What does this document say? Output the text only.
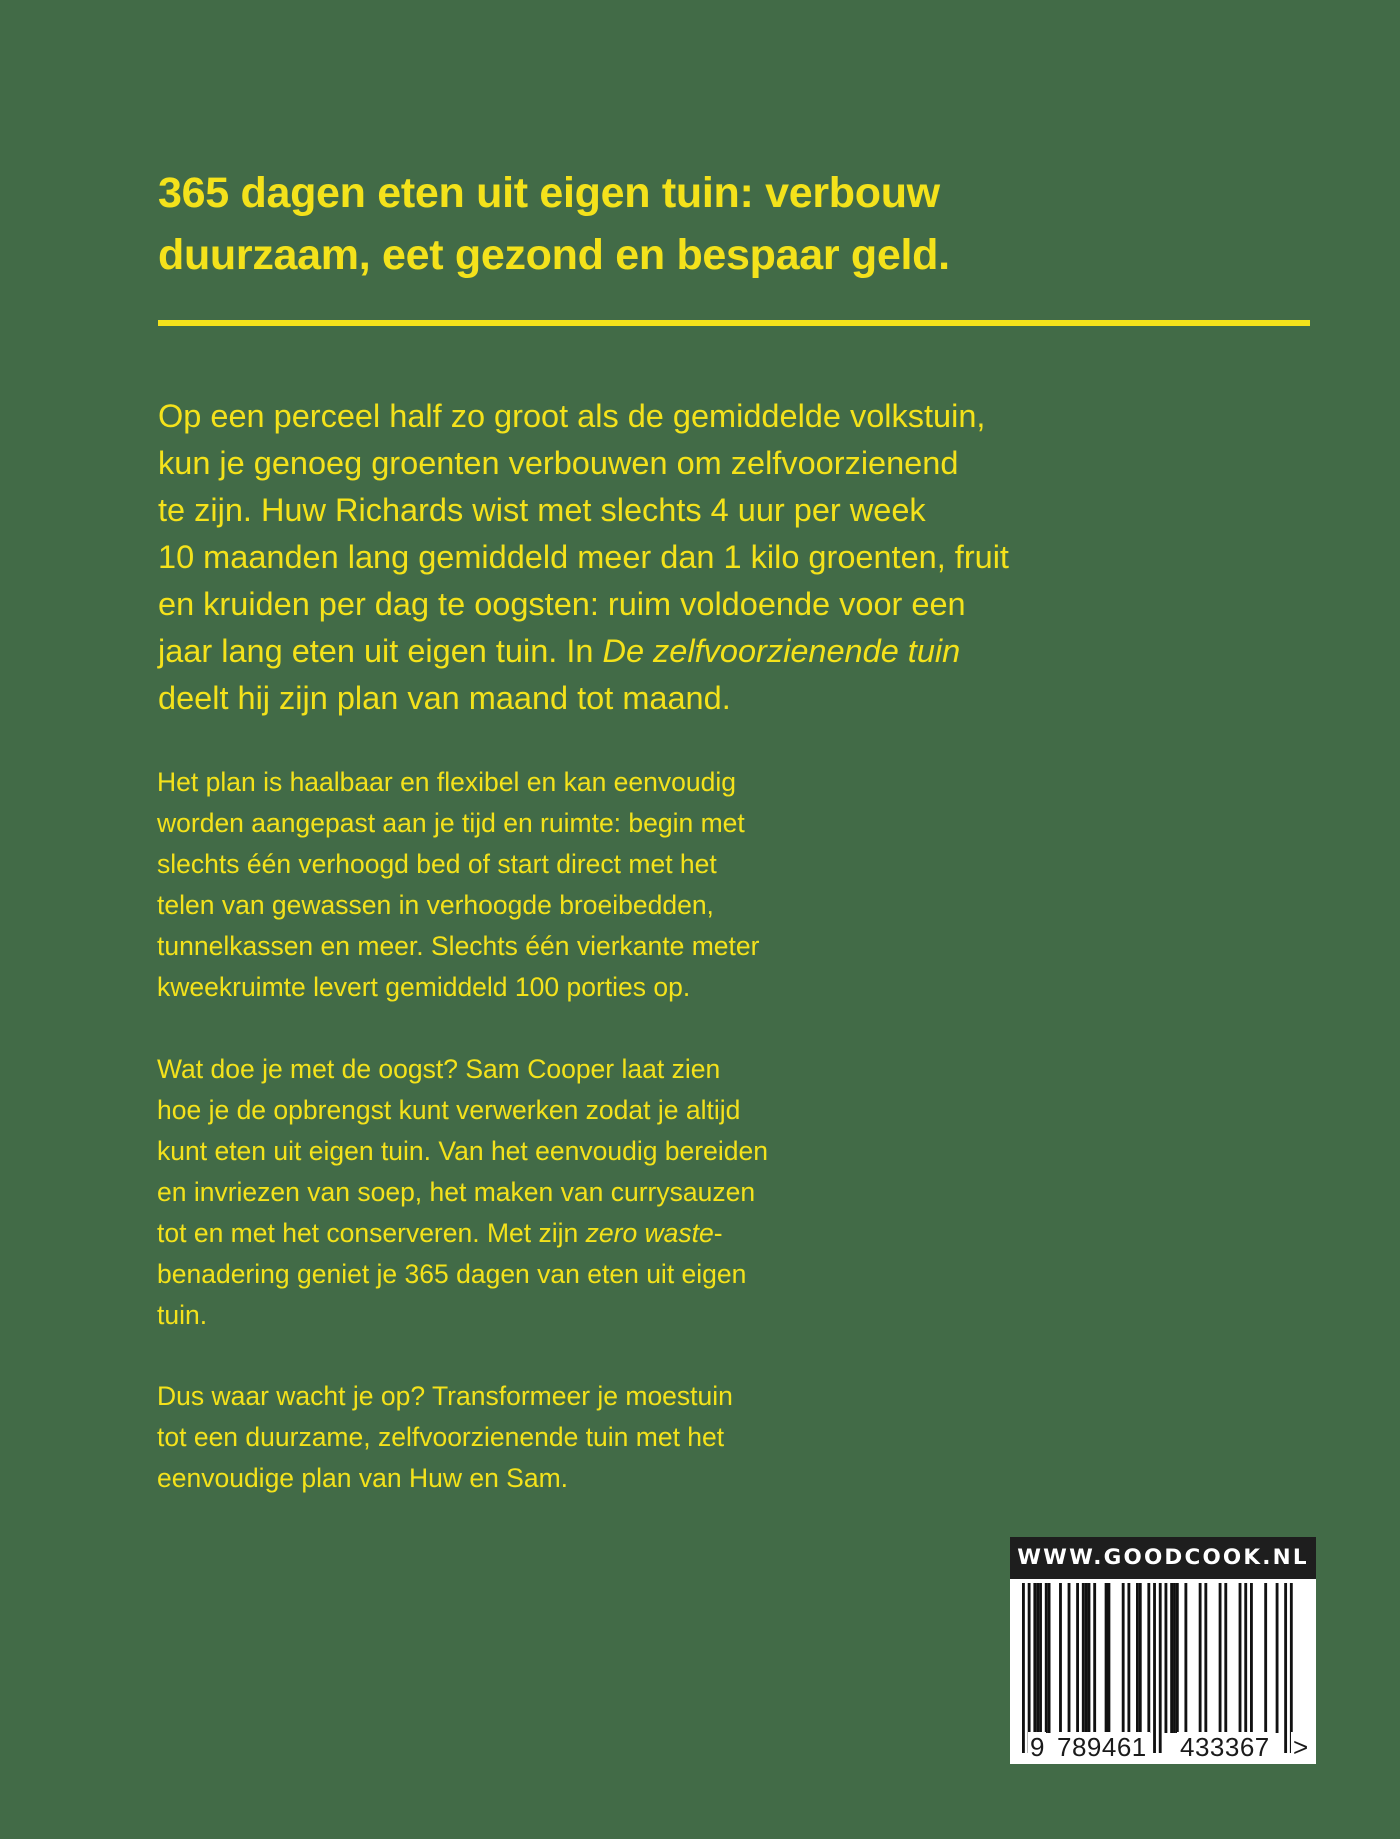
365 dagen eten uit eigen tuin: verbouw
duurzaam, eet gezond en bespaar geld.

Op een perceel half zo groot als de gemiddelde volkstuin,
kun je genoeg groenten verbouwen om zelfvoorzienend
te zijn. Huw Richards wist met slechts 4 uur per week
10 maanden lang gemiddeld meer dan 1 kilo groenten, fruit
en kruiden per dag te oogsten: ruim voldoende voor een
jaar lang eten uit eigen tuin. In De zelfvoorzienende tuin
deelt hij zijn plan van maand tot maand.

Het plan is haalbaar en flexibel en kan eenvoudig
worden aangepast aan je tijd en ruimte: begin met
slechts één verhoogd bed of start direct met het
telen van gewassen in verhoogde broeibedden,
tunnelkassen en meer. Slechts één vierkante meter
kweekruimte levert gemiddeld 100 porties op.

Wat doe je met de oogst? Sam Cooper laat zien
hoe je de opbrengst kunt verwerken zodat je altijd
kunt eten uit eigen tuin. Van het eenvoudig bereiden
en invriezen van soep, het maken van currysauzen
tot en met het conserveren. Met zijn zero waste-
benadering geniet je 365 dagen van eten uit eigen
tuin.

Dus waar wacht je op? Transformeer je moestuin
tot een duurzame, zelfvoorzienende tuin met het
eenvoudige plan van Huw en Sam.

WWW.GOODCOOK.NL
9 789461 433367 >
